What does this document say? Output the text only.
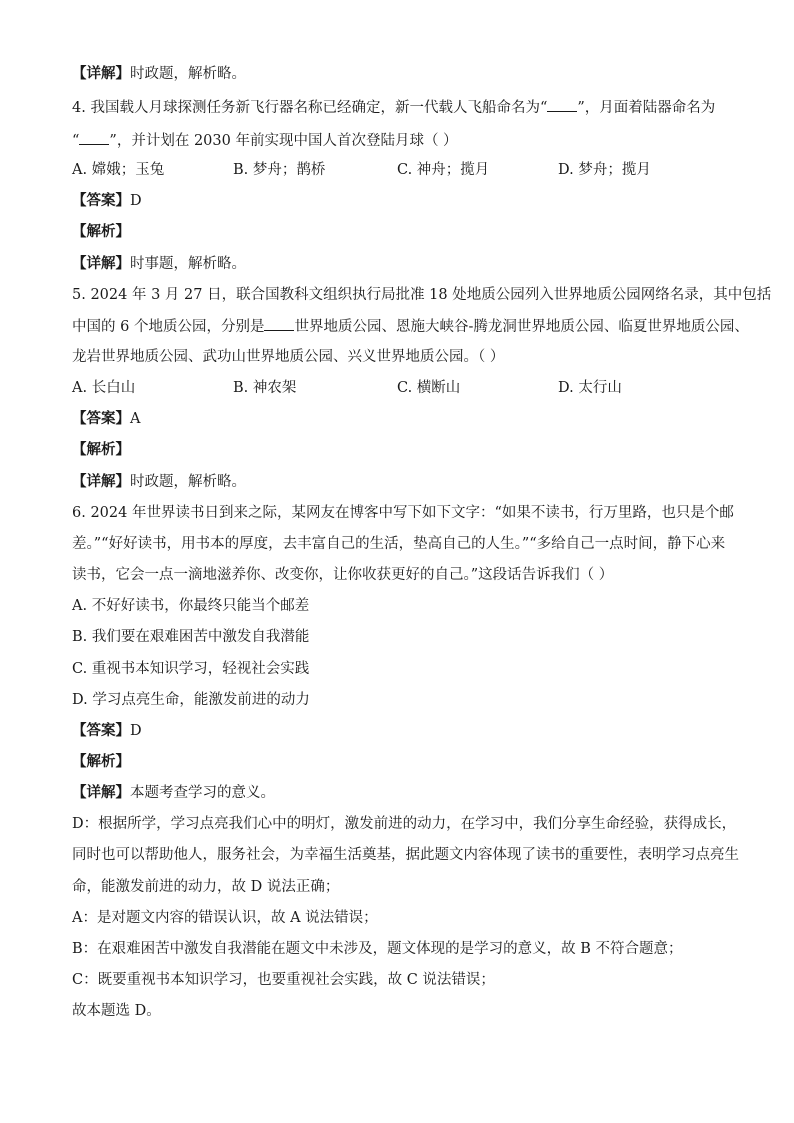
【详解】时政题，解析略。
4. 我国载人月球探测任务新飞行器名称已经确定，新一代载人飞船命名为“ ”，月面着陆器命名为
“ ”，并计划在 2030 年前实现中国人首次登陆月球（ ）
A. 嫦娥；玉兔	B. 梦舟；鹊桥	C. 神舟；揽月	D. 梦舟；揽月
【答案】D
【解析】
【详解】时事题，解析略。
5. 2024 年 3 月 27 日，联合国教科文组织执行局批准 18 处地质公园列入世界地质公园网络名录，其中包括
中国的 6 个地质公园，分别是 世界地质公园、恩施大峡谷-腾龙洞世界地质公园、临夏世界地质公园、
龙岩世界地质公园、武功山世界地质公园、兴义世界地质公园。（ ）
A. 长白山	B. 神农架	C. 横断山	D. 太行山
【答案】A
【解析】
【详解】时政题，解析略。
6. 2024 年世界读书日到来之际，某网友在博客中写下如下文字：“如果不读书，行万里路，也只是个邮
差。”“好好读书，用书本的厚度，去丰富自己的生活，垫高自己的人生。”“多给自己一点时间，静下心来
读书，它会一点一滴地滋养你、改变你，让你收获更好的自己。”这段话告诉我们（ ）
A. 不好好读书，你最终只能当个邮差
B. 我们要在艰难困苦中激发自我潜能
C. 重视书本知识学习，轻视社会实践
D. 学习点亮生命，能激发前进的动力
【答案】D
【解析】
【详解】本题考查学习的意义。
D：根据所学，学习点亮我们心中的明灯，激发前进的动力，在学习中，我们分享生命经验，获得成长，
同时也可以帮助他人，服务社会，为幸福生活奠基，据此题文内容体现了读书的重要性，表明学习点亮生
命，能激发前进的动力，故 D 说法正确；
A：是对题文内容的错误认识，故 A 说法错误；
B：在艰难困苦中激发自我潜能在题文中未涉及，题文体现的是学习的意义，故 B 不符合题意；
C：既要重视书本知识学习，也要重视社会实践，故 C 说法错误；
故本题选 D。
